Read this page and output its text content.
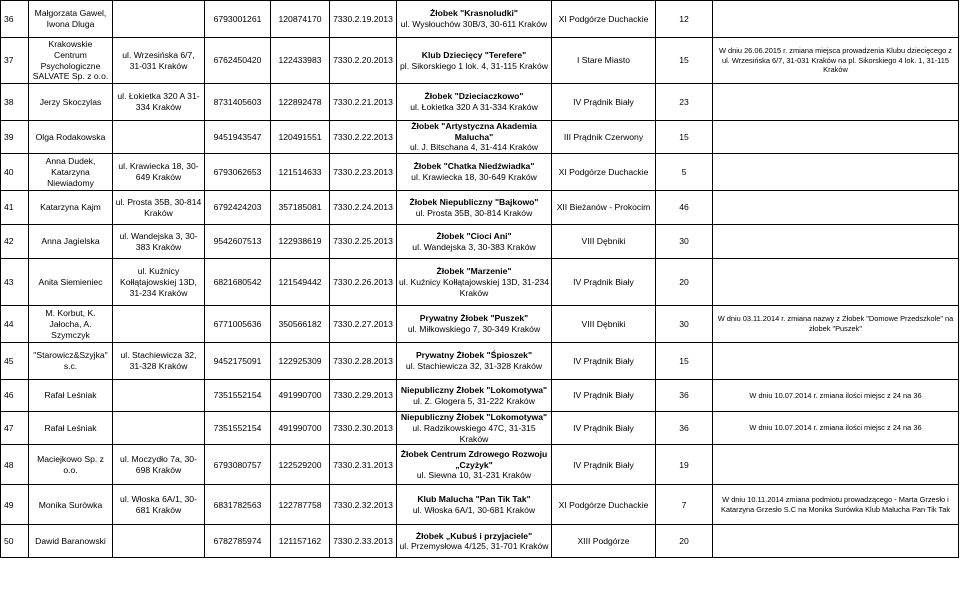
36	Małgorzata Gawel, Iwona Dluga		6793001261	120874170	7330.2.19.2013	Żłobek "Krasnoludki"
ul. Wysłouchów 30B/3, 30-611 Kraków	XI Podgórze Duchackie	12	
37	Krakowskie Centrum Psychologiczne SALVATE Sp. z o.o.	ul. Wrzesińska 6/7, 31-031 Kraków	6762450420	122433983	7330.2.20.2013	Klub Dziecięcy "Terefere"
pl. Sikorskiego 1 lok. 4, 31-115 Kraków	I Stare Miasto	15	W dniu 26.06.2015 r. zmiana miejsca prowadzenia Klubu dziecięcego z ul. Wrzesińska 6/7, 31-031 Kraków na pl. Sikorskiego 4 lok. 1, 31-115 Kraków
38	Jerzy Skoczylas	ul. Łokietka 320 A 31-334 Kraków	8731405603	122892478	7330.2.21.2013	Żłobek "Dzieciaczkowo"
ul. Łokietka 320 A 31-334 Kraków	IV Prądnik Biały	23	
39	Olga Rodakowska		9451943547	120491551	7330.2.22.2013	Żłobek "Artystyczna Akademia Malucha"
ul. J. Bitschana 4, 31-414 Kraków	III Prądnik Czerwony	15	
40	Anna Dudek, Katarzyna Niewiadomy	ul. Krawiecka 18, 30-649 Kraków	6793062653	121514633	7330.2.23.2013	Żłobek "Chatka Niedźwiadka"
ul. Krawiecka 18, 30-649 Kraków	XI Podgórze Duchackie	5	
41	Katarzyna Kajm	ul. Prosta 35B, 30-814 Kraków	6792424203	357185081	7330.2.24.2013	Żłobek Niepubliczny "Bajkowo"
ul. Prosta 35B, 30-814 Kraków	XII Bieżanów - Prokocim	46	
42	Anna Jagielska	ul. Wandejska 3, 30-383 Kraków	9542607513	122938619	7330.2.25.2013	Żłobek "Cioci Ani"
ul. Wandejska 3, 30-383 Kraków	VIII Dębniki	30	
43	Anita Siemieniec	ul. Kuźnicy Kołłątajowskiej 13D, 31-234 Kraków	6821680542	121549442	7330.2.26.2013	Żłobek "Marzenie"
ul. Kuźnicy Kołłątajowskiej 13D, 31-234 Kraków	IV Prądnik Biały	20	
44	M. Korbut, K. Jałocha, A. Szymczyk		6771005636	350566182	7330.2.27.2013	Prywatny Żłobek "Puszek"
ul. Miłkowskiego 7, 30-349 Kraków	VIII Dębniki	30	W dniu 03.11.2014 r. zmiana nazwy z Żłobek "Domowe Przedszkole" na żłobek "Puszek"
45	"Starowicz&Szyjka" s.c.	ul. Stachiewicza 32, 31-328 Kraków	9452175091	122925309	7330.2.28.2013	Prywatny Żłobek "Śpioszek"
ul. Stachiewicza 32, 31-328 Kraków	IV Prądnik Biały	15	
46	Rafał Leśniak		7351552154	491990700	7330.2.29.2013	Niepubliczny Żłobek "Lokomotywa"
ul. Z. Glogera 5, 31-222 Kraków	IV Prądnik Biały	36	W dniu 10.07.2014 r. zmiana ilości miejsc z 24 na 36
47	Rafał Leśniak		7351552154	491990700	7330.2.30.2013	Niepubliczny Żłobek "Lokomotywa"
ul. Radzikowskiego 47C, 31-315 Kraków	IV Prądnik Biały	36	W dniu 10.07.2014 r. zmiana ilości miejsc z 24 na 36
48	Maciejkowo Sp. z o.o.	ul. Moczydło 7a, 30-698 Kraków	6793080757	122529200	7330.2.31.2013	Żłobek Centrum Zdrowego Rozwoju „Czyżyk"
ul. Siewna 10, 31-231 Kraków	IV Prądnik Biały	19	
49	Monika Surówka	ul. Włoska 6A/1, 30-681 Kraków	6831782563	122787758	7330.2.32.2013	Klub Malucha "Pan Tik Tak"
ul. Włoska 6A/1, 30-681 Kraków	XI Podgórze Duchackie	7	W dniu 10.11.2014 zmiana podmiotu prowadzącego - Marta Grzesło i Katarzyna Grzesło S.C na Monika Surówka Klub Malucha Pan Tik Tak
50	Dawid Baranowski		6782785974	121157162	7330.2.33.2013	Żłobek „Kubuś i przyjaciele"
ul. Przemysłowa 4/125, 31-701 Kraków	XIII Podgórze	20	
